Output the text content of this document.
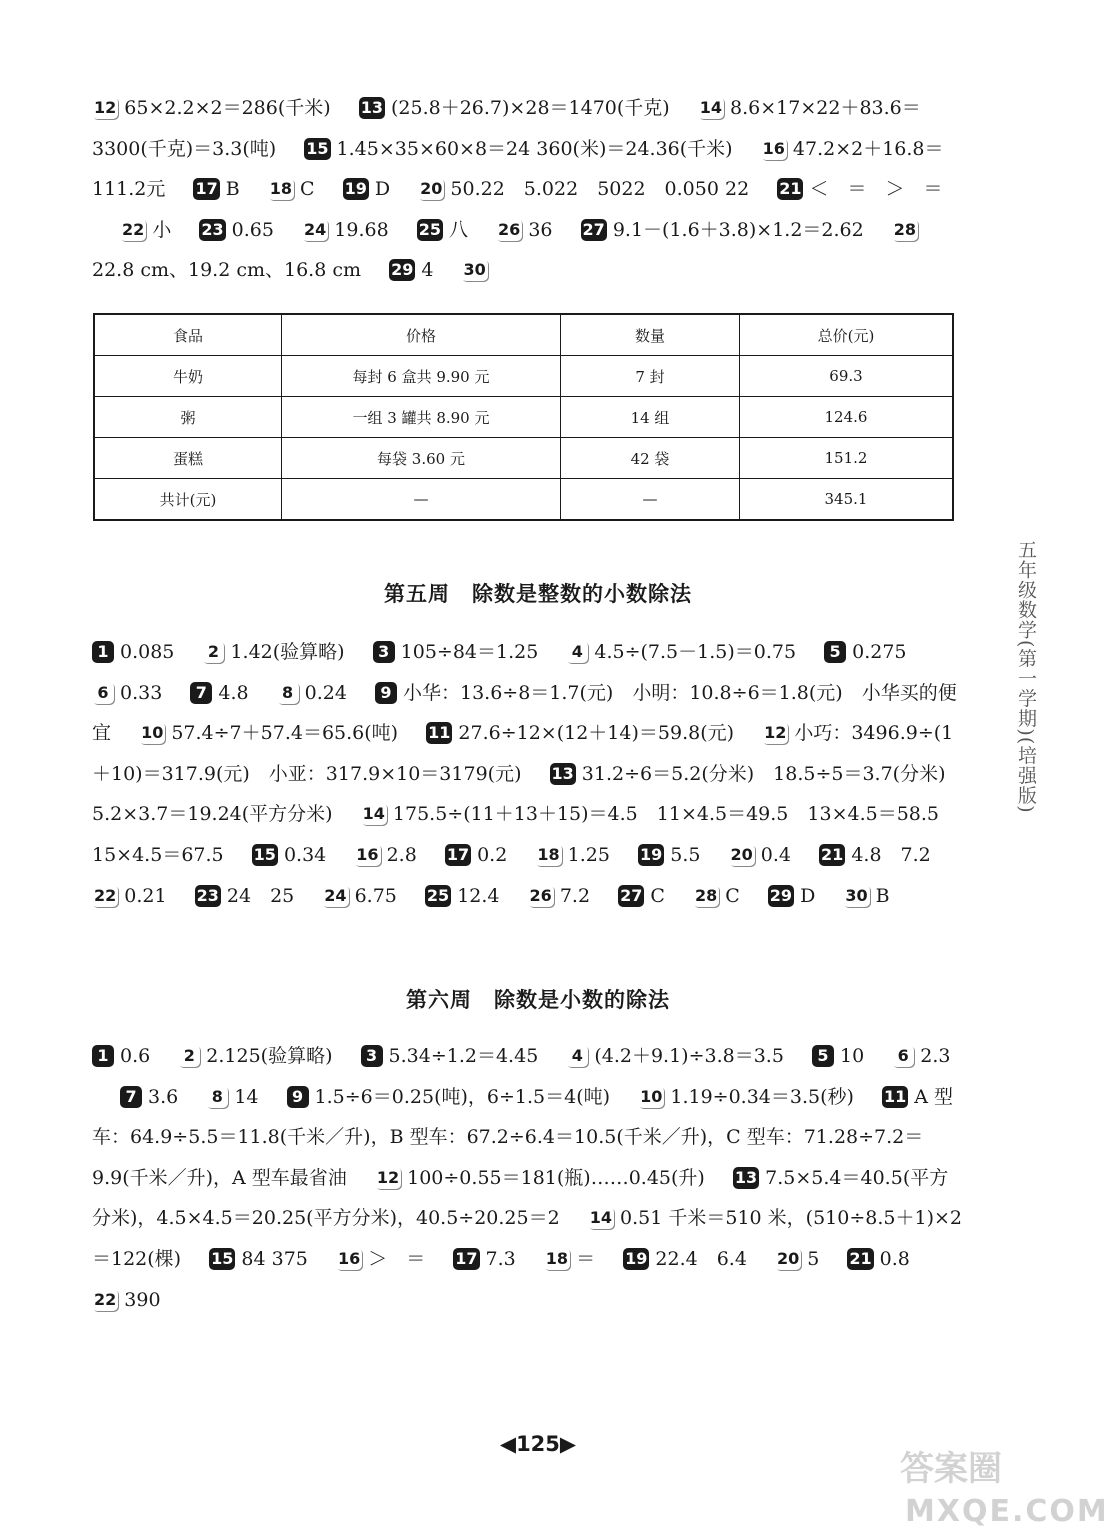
12 65×2.2×2＝286(千米) 13 (25.8＋26.7)×28＝1470(千克) 14 8.6×17×22＋83.6＝3300(千克)＝3.3(吨) 15 1.45×35×60×8＝24 360(米)＝24.36(千米) 16 47.2×2＋16.8＝111.2元 17 B 18 C 19 D 20 50.22　5.022　5022　0.050 22 21 ＜　＝　＞　＝ 22 小 23 0.65 24 19.68 25 八 26 36 27 9.1－(1.6＋3.8)×1.2＝2.62 2822.8 cm、19.2 cm、16.8 cm 29 4 30
食品	价格	数量	总价(元)
牛奶	每封 6 盒共 9.90 元	7 封	69.3
粥	一组 3 罐共 8.90 元	14 组	124.6
蛋糕	每袋 3.60 元	42 袋	151.2
共计(元)	—	—	345.1
第五周　除数是整数的小数除法
1 0.085 2 1.42(验算略) 3 105÷84＝1.25 4 4.5÷(7.5－1.5)＝0.75 5 0.275 6 0.33 7 4.8 8 0.24 9 小华：13.6÷8＝1.7(元)　小明：10.8÷6＝1.8(元)　小华买的便宜 10 57.4÷7＋57.4＝65.6(吨) 11 27.6÷12×(12＋14)＝59.8(元) 12 小巧：3496.9÷(1＋10)＝317.9(元)　小亚：317.9×10＝3179(元) 13 31.2÷6＝5.2(分米)　18.5÷5＝3.7(分米)　5.2×3.7＝19.24(平方分米) 14 175.5÷(11＋13＋15)＝4.5　11×4.5＝49.5　13×4.5＝58.5　15×4.5＝67.5 15 0.34 16 2.8 17 0.2 18 1.25 19 5.5 20 0.4 21 4.8　7.2 22 0.21 23 24　25 24 6.75 25 12.4 26 7.2 27 C 28 C 29 D 30 B
第六周　除数是小数的除法
1 0.6 2 2.125(验算略) 3 5.34÷1.2＝4.45 4 (4.2＋9.1)÷3.8＝3.5 5 10 6 2.3 7 3.6 8 14 9 1.5÷6＝0.25(吨)，6÷1.5＝4(吨) 10 1.19÷0.34＝3.5(秒) 11 A 型车：64.9÷5.5＝11.8(千米／升)，B 型车：67.2÷6.4＝10.5(千米／升)，C 型车：71.28÷7.2＝9.9(千米／升)，A 型车最省油 12 100÷0.55＝181(瓶)……0.45(升) 13 7.5×5.4＝40.5(平方分米)，4.5×4.5＝20.25(平方分米)，40.5÷20.25＝2 14 0.51 千米＝510 米，(510÷8.5＋1)×2＝122(棵) 15 84 375 16 ＞　＝ 17 7.3 18 ＝ 19 22.4　6.4 20 5 21 0.8 22 390
五年级数学(第一学期)(培强版)
◀125▶
答案圈
MXQE.COM
